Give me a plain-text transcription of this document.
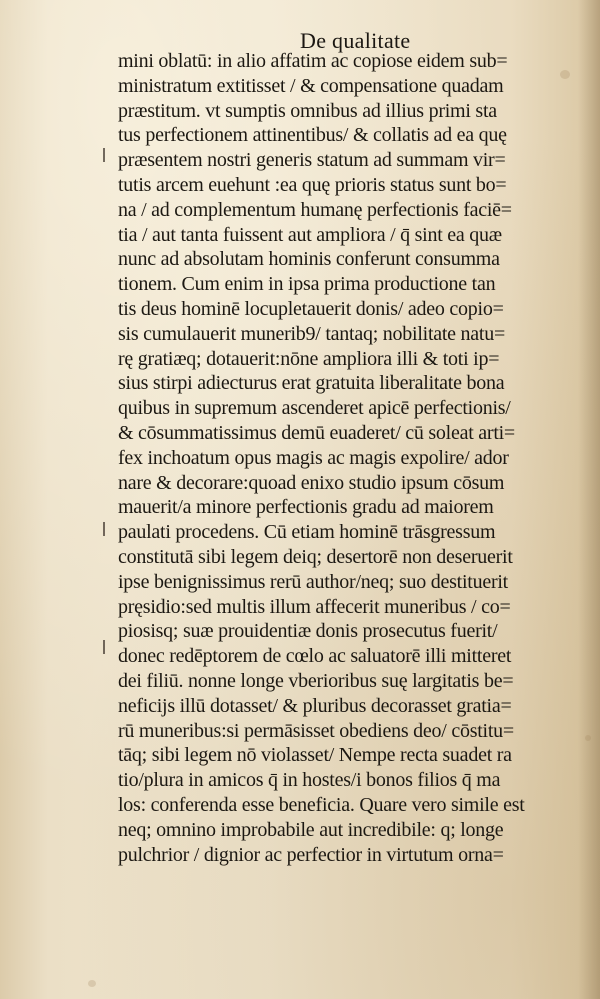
De qualitate
mini oblatū: in alio affatim ac copiose eidem sub=
ministratum extitisset / & compensatione quadam
præstitum. vt sumptis omnibus ad illius primi sta
tus perfectionem attinentibus/ & collatis ad ea quę
præsentem nostri generis statum ad summam vir=
tutis arcem euehunt :ea quę prioris status sunt bo=
na / ad complementum humanę perfectionis faciē=
tia / aut tanta fuissent aut ampliora / q̄ sint ea quæ
nunc ad absolutam hominis conferunt consumma
tionem. Cum enim in ipsa prima productione tan
tis deus hominē locupletauerit donis/ adeo copio=
sis cumulauerit munerib9/ tantaq; nobilitate natu=
rę gratiæq; dotauerit:nōne ampliora illi & toti ip=
sius stirpi adiecturus erat gratuita liberalitate bona
quibus in supremum ascenderet apicē perfectionis/
& cōsummatissimus demū euaderet/ cū soleat arti=
fex inchoatum opus magis ac magis expolire/ ador
nare & decorare:quoad enixo studio ipsum cōsum
mauerit/a minore perfectionis gradu ad maiorem
paulati procedens. Cū etiam hominē trāsgressum
constitutā sibi legem deiq; desertorē non deseruerit
ipse benignissimus rerū author/neq; suo destituerit
pręsidio:sed multis illum affecerit muneribus / co=
piosisq; suæ prouidentiæ donis prosecutus fuerit/
donec redēptorem de cœlo ac saluatorē illi mitteret
dei filiū. nonne longe vberioribus suę largitatis be=
neficijs illū dotasset/ & pluribus decorasset gratia=
rū muneribus:si permāsisset obediens deo/ cōstitu=
tāq; sibi legem nō violasset/ Nempe recta suadet ra
tio/plura in amicos q̄ in hostes/i bonos filios q̄ ma
los: conferenda esse beneficia. Quare vero simile est
neq; omnino improbabile aut incredibile: q; longe
pulchrior / dignior ac perfectior in virtutum orna=
